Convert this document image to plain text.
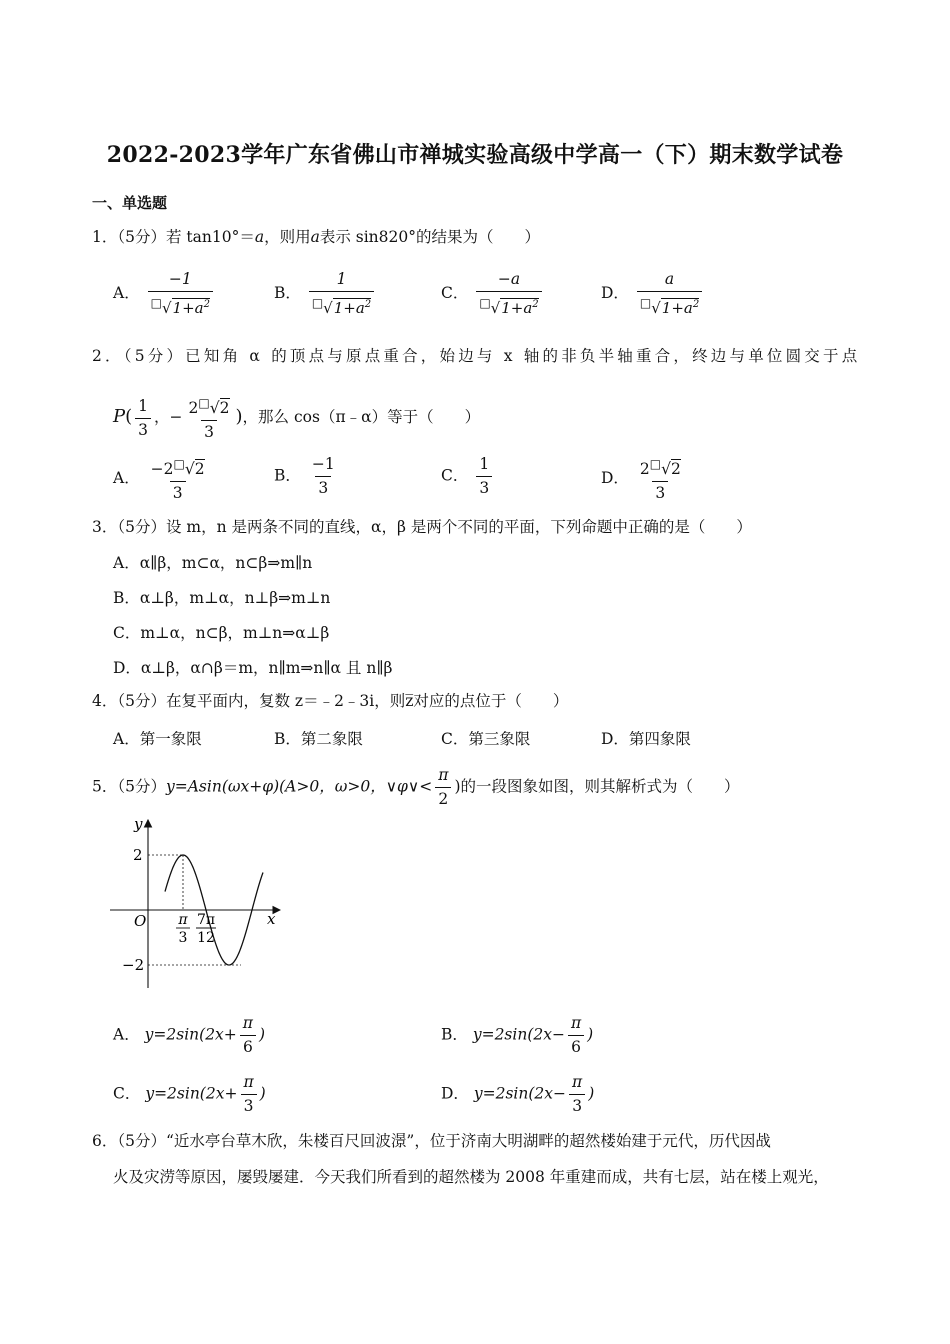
2022-2023学年广东省佛山市禅城实验高级中学高一（下）期末数学试卷
一、单选题
1．（5分）若 tan10°＝a，则用a表示 sin820°的结果为（　　）
A． $\frac{-1}{^□√1+a^2}$	B． $\frac{1}{^□√1+a^2}$	C． $\frac{-a}{^□√1+a^2}$	D． $\frac{a}{^□√1+a^2}$
2．（5分）已知角 α 的顶点与原点重合，始边与 x 轴的非负半轴重合，终边与单位圆交于点
$P( \frac{1}{3}$ ，− $\frac{2^□√2}{3}$ )，那么 cos（π﹣α）等于（　　）
A． $\frac{-2^□√2}{3}$	B． $\frac{-1}{3}$	C． $\frac{1}{3}$	D． $\frac{2^□√2}{3}$
3．（5分）设 m，n 是两条不同的直线，α，β 是两个不同的平面，下列命题中正确的是（　　）
A．α∥β，m⊂α，n⊂β⇒m∥n
B．α⊥β，m⊥α，n⊥β⇒m⊥n
C．m⊥α，n⊂β，m⊥n⇒α⊥β
D．α⊥β，α∩β＝m，n∥m⇒n∥α 且 n∥β
4．（5分）在复平面内，复数 z＝﹣2﹣3i，则z̅对应的点位于（　　）
A．第一象限	B．第二象限	C．第三象限	D．第四象限
5．（5分）y=Asin(ωx+φ)(A>0，ω>0，∨φ∨< $\frac{\pi}{2}$ )的一段图象如图，则其解析式为（　　）
y
x
O
2
−2
π
3
7π
12
A． $y=2\sin(2x+ \frac{\pi}{6}$ )	B． $y=2\sin(2x- \frac{\pi}{6}$ )
C． $y=2\sin(2x+ \frac{\pi}{3}$ )	D． $y=2\sin(2x- \frac{\pi}{3}$ )
6．（5分）“近水亭台草木欣，朱楼百尺回波澋”，位于济南大明湖畔的超然楼始建于元代，历代因战
火及灾涝等原因，屡毁屡建．今天我们所看到的超然楼为 2008 年重建而成，共有七层，站在楼上观光，
